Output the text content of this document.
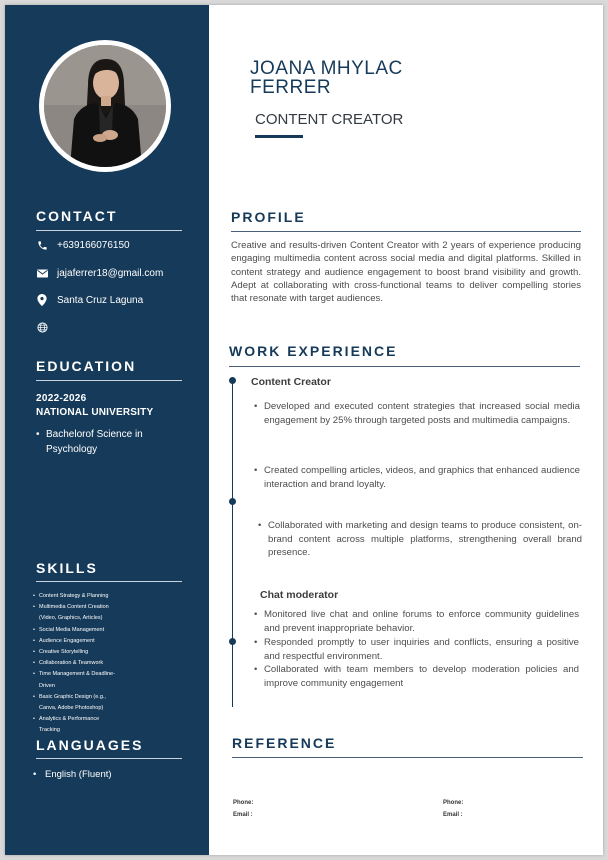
CONTACT
+639166076150
jajaferrer18@gmail.com
Santa Cruz Laguna
EDUCATION
2022-2026
NATIONAL UNIVERSITY
• Bachelorof Science in Psychology
SKILLS
• Content Strategy & Planning
• Multimedia Content Creation
(Video, Graphics, Articles)
• Social Media Management
• Audience Engagement
• Creative Storytelling
• Collaboration & Teamwork
• Time Management & Deadline-
Driven
• Basic Graphic Design (e.g.,
Canva, Adobe Photoshop)
• Analytics & Performance
Tracking
LANGUAGES
• English (Fluent)
JOANA MHYLAC
FERRER
CONTENT CREATOR
PROFILE
Creative and results-driven Content Creator with 2 years of experience producing engaging multimedia content across social media and digital platforms. Skilled in content strategy and audience engagement to boost brand visibility and growth. Adept at collaborating with cross-functional teams to deliver compelling stories that resonate with target audiences.
WORK EXPERIENCE
Content Creator
• Developed and executed content strategies that increased social media engagement by 25% through targeted posts and multimedia campaigns.
• Created compelling articles, videos, and graphics that enhanced audience interaction and brand loyalty.
• Collaborated with marketing and design teams to produce consistent, on-brand content across multiple platforms, strengthening overall brand presence.
Chat moderator
• Monitored live chat and online forums to enforce community guidelines and prevent inappropriate behavior.
• Responded promptly to user inquiries and conflicts, ensuring a positive and respectful environment.
• Collaborated with team members to develop moderation policies and improve community engagement
REFERENCE
Phone:
Email :
Phone:
Email :
